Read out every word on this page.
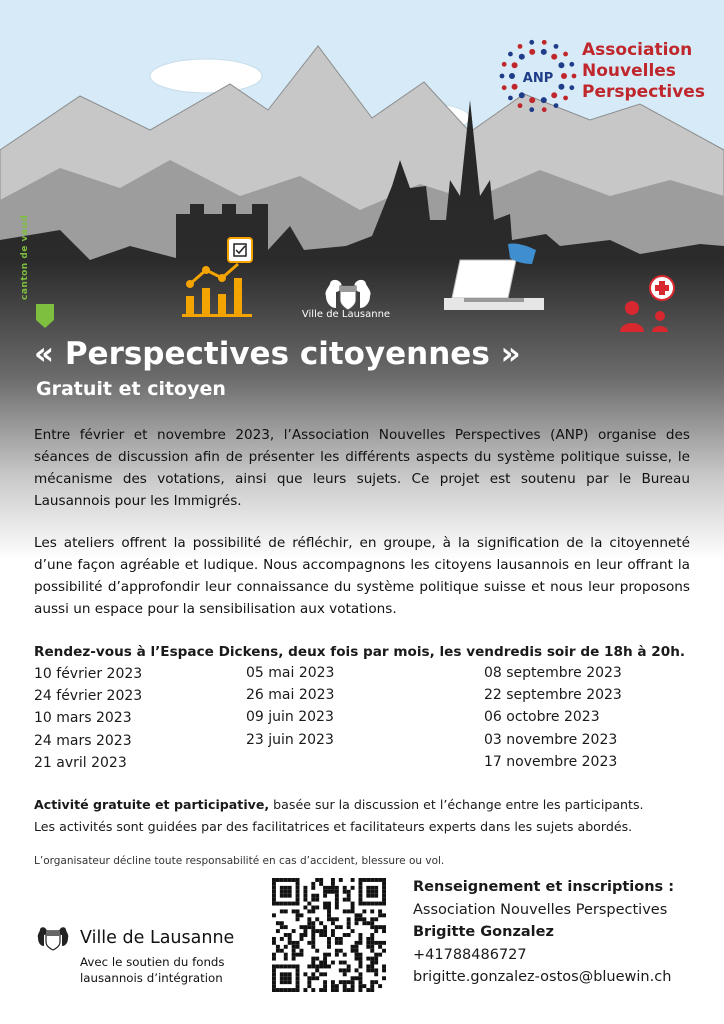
ANP
Association
Nouvelles
Perspectives
canton de vaud
Ville de Lausanne
« Perspectives citoyennes »
Gratuit et citoyen

Entre février et novembre 2023, l’Association Nouvelles Perspectives (ANP) organise des séances de discussion afin de présenter les différents aspects du système politique suisse, le mécanisme des votations, ainsi que leurs sujets. Ce projet est soutenu par le Bureau Lausannois pour les Immigrés.

Les ateliers offrent la possibilité de réfléchir, en groupe, à la signification de la citoyenneté d’une façon agréable et ludique. Nous accompagnons les citoyens lausannois en leur offrant la possibilité d’approfondir leur connaissance du système politique suisse et nous leur proposons aussi un espace pour la sensibilisation aux votations.

Rendez-vous à l’Espace Dickens, deux fois par mois, les vendredis soir de 18h à 20h.

10 février 2023
24 février 2023
10 mars 2023
24 mars 2023
21 avril 2023
05 mai 2023
26 mai 2023
09 juin 2023
23 juin 2023
08 septembre 2023
22 septembre 2023
06 octobre 2023
03 novembre 2023
17 novembre 2023

Activité gratuite et participative, basée sur la discussion et l’échange entre les participants.
Les activités sont guidées par des facilitatrices et facilitateurs experts dans les sujets abordés.

L’organisateur décline toute responsabilité en cas d’accident, blessure ou vol.

Ville de Lausanne
Avec le soutien du fonds
lausannois d’intégration
Renseignement et inscriptions :
Association Nouvelles Perspectives
Brigitte Gonzalez
+41788486727
brigitte.gonzalez-ostos@bluewin.ch
